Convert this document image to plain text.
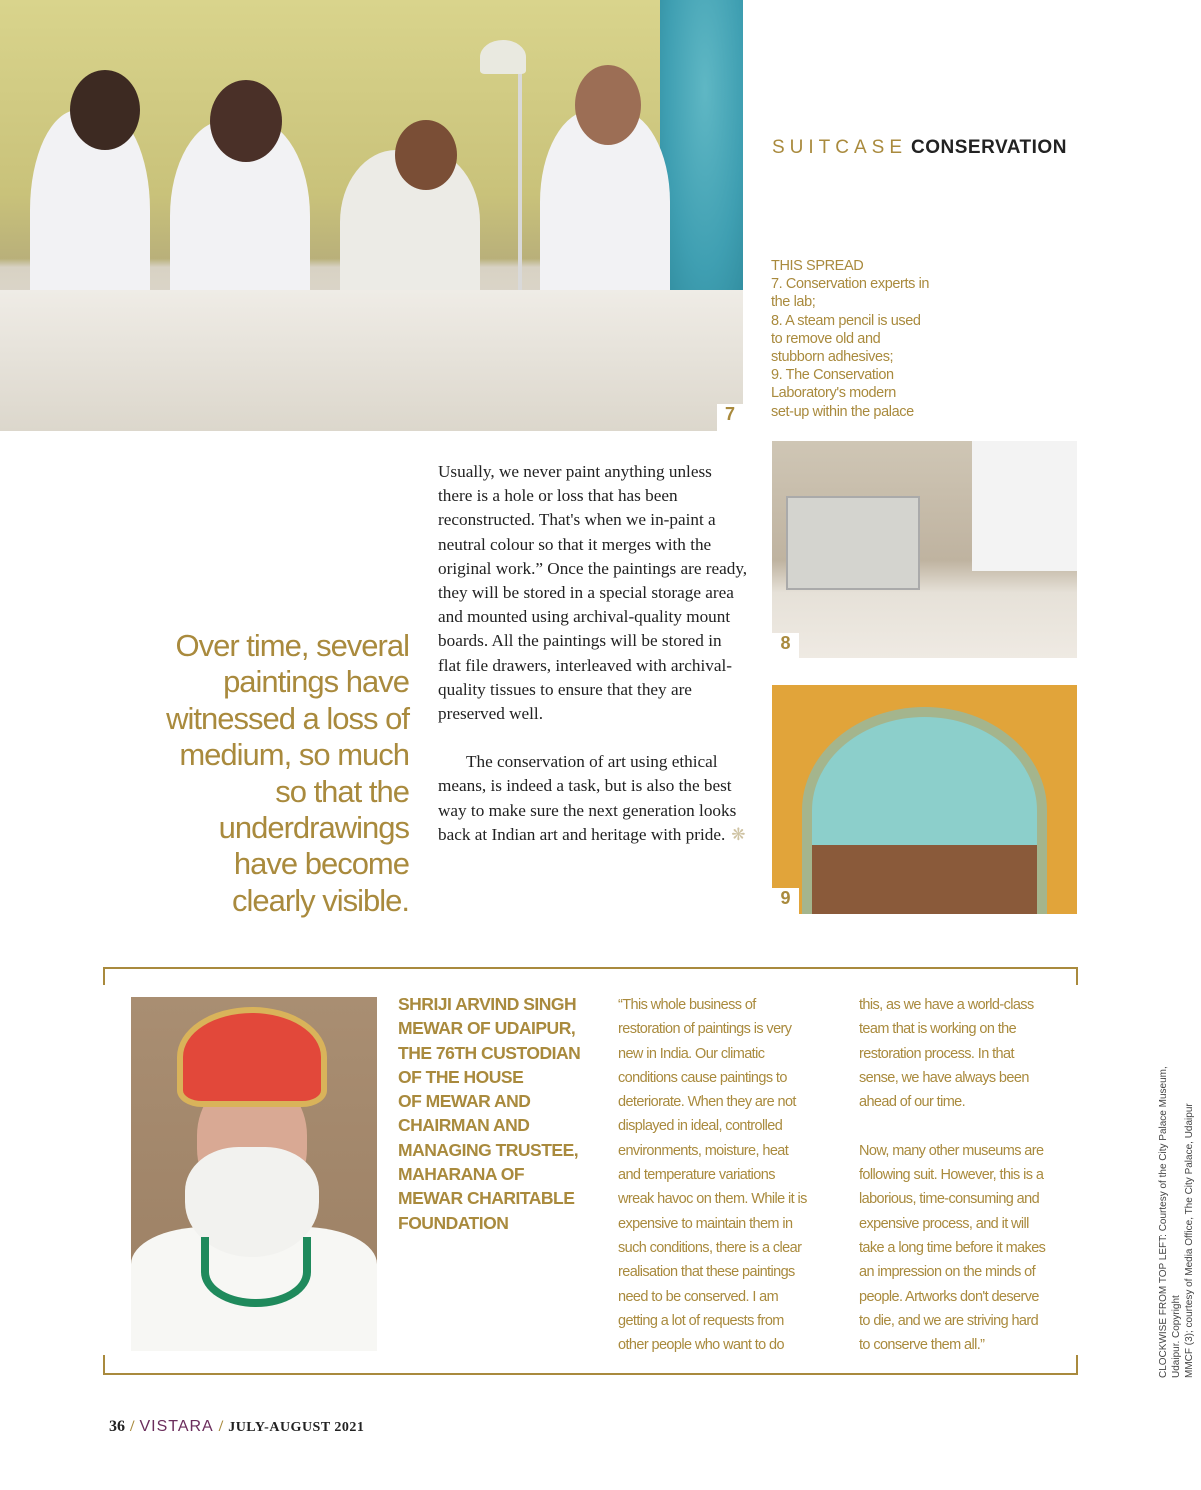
7
SUITCASE CONSERVATION
THIS SPREAD
7. Conservation experts in
the lab;
8. A steam pencil is used
to remove old and
stubborn adhesives;
9. The Conservation
Laboratory's modern
set-up within the palace
8
9
Over time, several paintings have witnessed a loss of medium, so much so that the underdrawings have become clearly visible.

Usually, we never paint anything unless there is a hole or loss that has been reconstructed. That's when we in-paint a neutral colour so that it merges with the original work.” Once the paintings are ready, they will be stored in a special storage area and mounted using archival-quality mount boards. All the paintings will be stored in flat file drawers, interleaved with archival-quality tissues to ensure that they are preserved well.

The conservation of art using ethical means, is indeed a task, but is also the best way to make sure the next generation looks back at Indian art and heritage with pride. ❋

SHRIJI ARVIND SINGH
MEWAR OF UDAIPUR,
THE 76TH CUSTODIAN
OF THE HOUSE
OF MEWAR AND
CHAIRMAN AND
MANAGING TRUSTEE,
MAHARANA OF
MEWAR CHARITABLE
FOUNDATION
“This whole business of
restoration of paintings is very
new in India. Our climatic
conditions cause paintings to
deteriorate. When they are not
displayed in ideal, controlled
environments, moisture, heat
and temperature variations
wreak havoc on them. While it is
expensive to maintain them in
such conditions, there is a clear
realisation that these paintings
need to be conserved. I am
getting a lot of requests from
other people who want to do
this, as we have a world-class
team that is working on the
restoration process. In that
sense, we have always been
ahead of our time.
Now, many other museums are
following suit. However, this is a
laborious, time-consuming and
expensive process, and it will
take a long time before it makes
an impression on the minds of
people. Artworks don't deserve
to die, and we are striving hard
to conserve them all.”	CLOCKWISE FROM TOP LEFT: Courtesy of the City Palace Museum, Udaipur. Copyright MMCF (3); courtesy of Media Office, The City Palace, Udaipur
36 / VISTARA / JULY-AUGUST 2021
